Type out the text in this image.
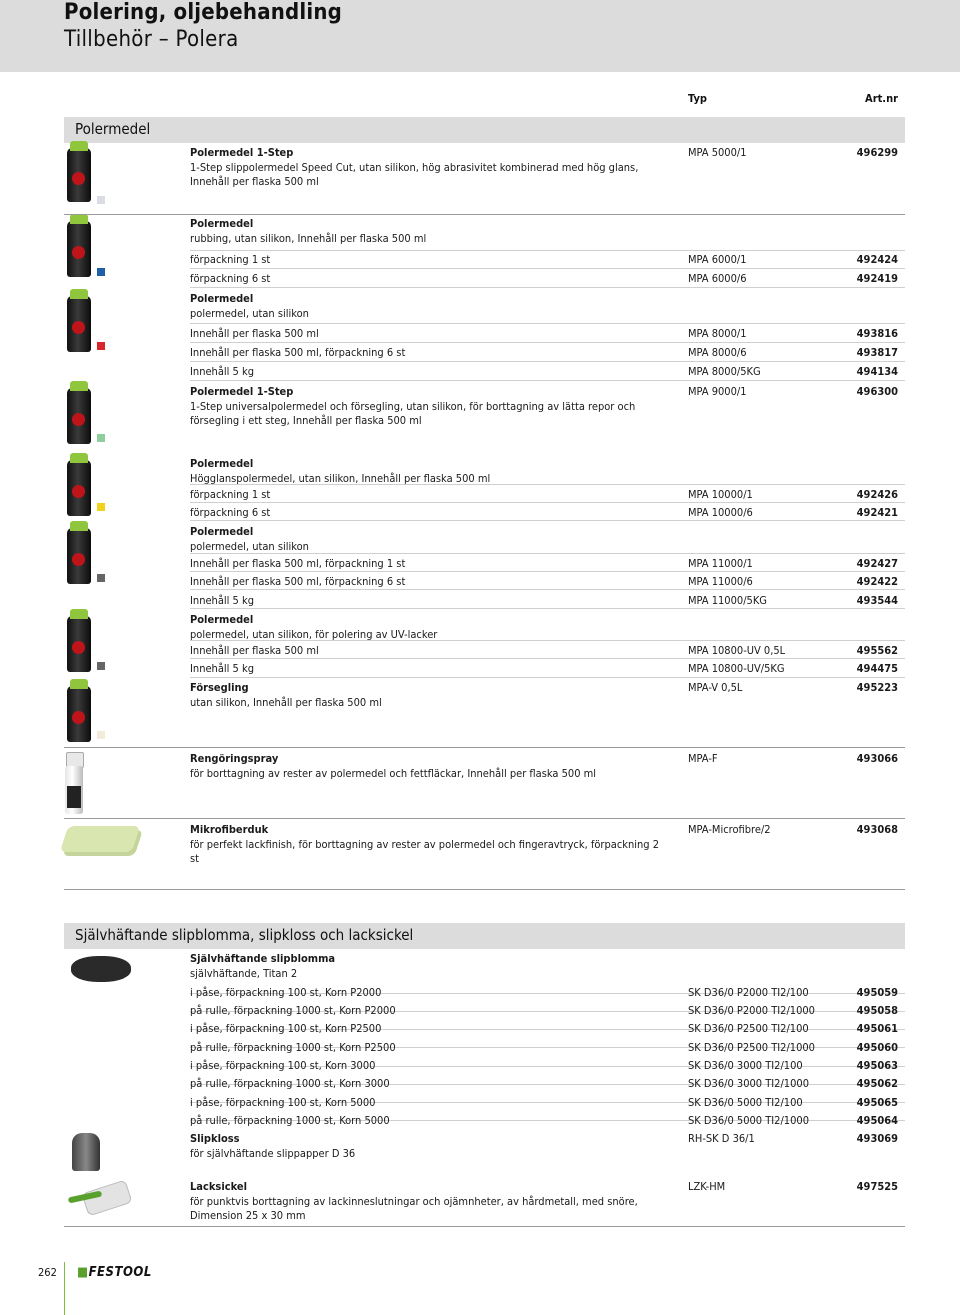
Polering, oljebehandling
Tillbehör – Polera
Typ	Art.nr
Polermedel
Självhäftande slipblomma, slipkloss och lacksickel
Polermedel 1-Step
1-Step slippolermedel Speed Cut, utan silikon, hög abrasivitet kombinerad med hög glans, Innehåll per flaska 500 ml
MPA 5000/1	496299
Polermedel
rubbing, utan silikon, Innehåll per flaska 500 ml
förpackning 1 st	MPA 6000/1	492424
förpackning 6 st	MPA 6000/6	492419
Polermedel
polermedel, utan silikon
Innehåll per flaska 500 ml	MPA 8000/1	493816
Innehåll per flaska 500 ml, förpackning 6 st	MPA 8000/6	493817
Innehåll 5 kg	MPA 8000/5KG	494134
Polermedel 1-Step
1-Step universalpolermedel och försegling, utan silikon, för borttagning av lätta repor och försegling i ett steg, Innehåll per flaska 500 ml
MPA 9000/1	496300
Polermedel
Högglanspolermedel, utan silikon, Innehåll per flaska 500 ml
förpackning 1 st	MPA 10000/1	492426
förpackning 6 st	MPA 10000/6	492421
Polermedel
polermedel, utan silikon
Innehåll per flaska 500 ml, förpackning 1 st	MPA 11000/1	492427
Innehåll per flaska 500 ml, förpackning 6 st	MPA 11000/6	492422
Innehåll 5 kg	MPA 11000/5KG	493544
Polermedel
polermedel, utan silikon, för polering av UV-lacker
Innehåll per flaska 500 ml	MPA 10800-UV 0,5L	495562
Innehåll 5 kg	MPA 10800-UV/5KG	494475
Försegling
utan silikon, Innehåll per flaska 500 ml
MPA-V 0,5L	495223
Rengöringspray
för borttagning av rester av polermedel och fettfläckar, Innehåll per flaska 500 ml
MPA-F	493066
Mikrofiberduk
för perfekt lackfinish, för borttagning av rester av polermedel och fingeravtryck, förpackning 2 st
MPA-Microfibre/2	493068
Självhäftande slipblomma
självhäftande, Titan 2
i påse, förpackning 100 st, Korn P2000	SK D36/0 P2000 TI2/100	495059
på rulle, förpackning 1000 st, Korn P2000	SK D36/0 P2000 TI2/1000	495058
i påse, förpackning 100 st, Korn P2500	SK D36/0 P2500 TI2/100	495061
på rulle, förpackning 1000 st, Korn P2500	SK D36/0 P2500 TI2/1000	495060
i påse, förpackning 100 st, Korn 3000	SK D36/0 3000 TI2/100	495063
på rulle, förpackning 1000 st, Korn 3000	SK D36/0 3000 TI2/1000	495062
i påse, förpackning 100 st, Korn 5000	SK D36/0 5000 TI2/100	495065
på rulle, förpackning 1000 st, Korn 5000	SK D36/0 5000 TI2/1000	495064
Slipkloss
för självhäftande slippapper D 36
RH-SK D 36/1	493069
Lacksickel
för punktvis borttagning av lackinneslutningar och ojämnheter, av hårdmetall, med snöre, Dimension 25 x 30 mm
LZK-HM	497525
262 ■FESTOOL
